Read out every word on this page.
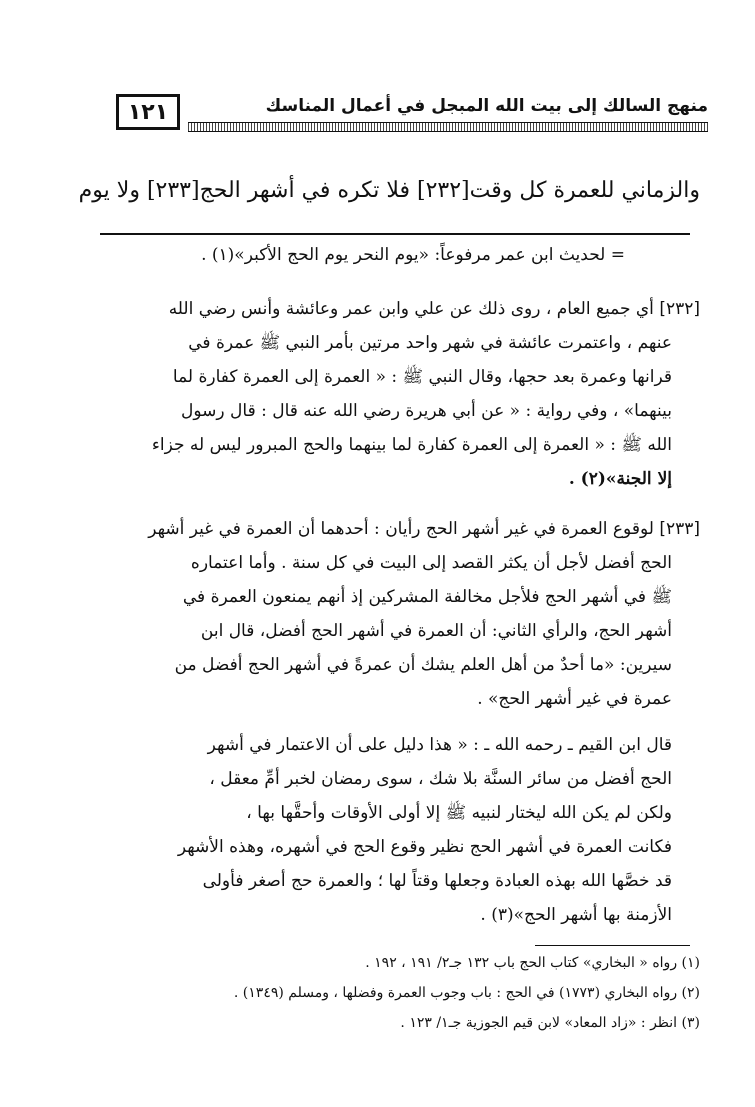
١٢١	منهج السالك إلى بيت الله المبجل في أعمال المناسك
والزماني للعمرة كل وقت[٢٣٢] فلا تكره في أشهر الحج[٢٣٣] ولا يوم
= لحديث ابن عمر مرفوعاً: «يوم النحر يوم الحج الأكبر»(١) .
[٢٣٢] أي جميع العام ، روى ذلك عن علي وابن عمر وعائشة وأنس رضي الله
عنهم ، واعتمرت عائشة في شهر واحد مرتين بأمر النبي ﷺ عمرة في
قرانها وعمرة بعد حجها، وقال النبي ﷺ : « العمرة إلى العمرة كفارة لما
بينهما» ، وفي رواية : « عن أبي هريرة رضي الله عنه قال : قال رسول
الله ﷺ : « العمرة إلى العمرة كفارة لما بينهما والحج المبرور ليس له جزاء
إلا الجنة»(٢) .
[٢٣٣] لوقوع العمرة في غير أشهر الحج رأيان : أحدهما أن العمرة في غير أشهر
الحج أفضل لأجل أن يكثر القصد إلى البيت في كل سنة . وأما اعتماره
ﷺ في أشهر الحج فلأجل مخالفة المشركين إذ أنهم يمنعون العمرة في
أشهر الحج، والرأي الثاني: أن العمرة في أشهر الحج أفضل، قال ابن
سيرين: «ما أحدٌ من أهل العلم يشك أن عمرةً في أشهر الحج أفضل من
عمرة في غير أشهر الحج» .
قال ابن القيم ـ رحمه الله ـ : « هذا دليل على أن الاعتمار في أشهر
الحج أفضل من سائر السنَّة بلا شك ، سوى رمضان لخبر أمِّ معقل ،
ولكن لم يكن الله ليختار لنبيه ﷺ إلا أولى الأوقات وأحقَّها بها ،
فكانت العمرة في أشهر الحج نظير وقوع الحج في أشهره، وهذه الأشهر
قد خصَّها الله بهذه العبادة وجعلها وقتاً لها ؛ والعمرة حج أصغر فأولى
الأزمنة بها أشهر الحج»(٣) .
(١) رواه « البخاري» كتاب الحج باب ١٣٢ جـ٢/ ١٩١ ، ١٩٢ .
(٢) رواه البخاري (١٧٧٣) في الحج : باب وجوب العمرة وفضلها ، ومسلم (١٣٤٩) .
(٣) انظر : «زاد المعاد» لابن قيم الجوزية جـ١/ ١٢٣ .
